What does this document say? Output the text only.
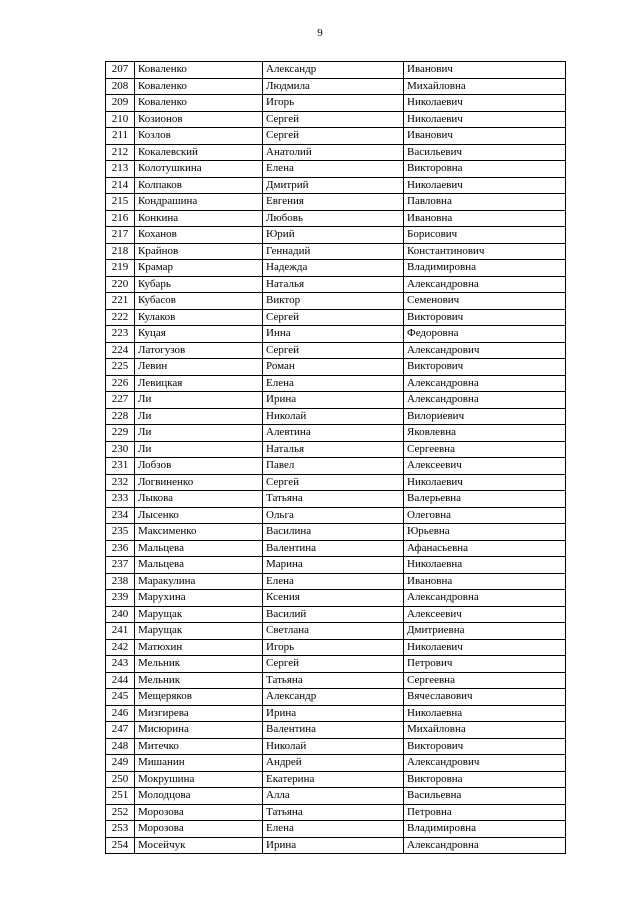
9
207	Коваленко	Александр	Иванович
208	Коваленко	Людмила	Михайловна
209	Коваленко	Игорь	Николаевич
210	Козионов	Сергей	Николаевич
211	Козлов	Сергей	Иванович
212	Кокалевский	Анатолий	Васильевич
213	Колотушкина	Елена	Викторовна
214	Колпаков	Дмитрий	Николаевич
215	Кондрашина	Евгения	Павловна
216	Конкина	Любовь	Ивановна
217	Коханов	Юрий	Борисович
218	Крайнов	Геннадий	Константинович
219	Крамар	Надежда	Владимировна
220	Кубарь	Наталья	Александровна
221	Кубасов	Виктор	Семенович
222	Кулаков	Сергей	Викторович
223	Куцая	Инна	Федоровна
224	Латогузов	Сергей	Александрович
225	Левин	Роман	Викторович
226	Левицкая	Елена	Александровна
227	Ли	Ирина	Александровна
228	Ли	Николай	Вилориевич
229	Ли	Алевтина	Яковлевна
230	Ли	Наталья	Сергеевна
231	Лобзов	Павел	Алексеевич
232	Логвиненко	Сергей	Николаевич
233	Лыкова	Татьяна	Валерьевна
234	Лысенко	Ольга	Олеговна
235	Максименко	Василина	Юрьевна
236	Мальцева	Валентина	Афанасьевна
237	Мальцева	Марина	Николаевна
238	Маракулина	Елена	Ивановна
239	Марухина	Ксения	Александровна
240	Марущак	Василий	Алексеевич
241	Марущак	Светлана	Дмитриевна
242	Матюхин	Игорь	Николаевич
243	Мельник	Сергей	Петрович
244	Мельник	Татьяна	Сергеевна
245	Мещеряков	Александр	Вячеславович
246	Мизгирева	Ирина	Николаевна
247	Мисюрина	Валентина	Михайловна
248	Митечко	Николай	Викторович
249	Мишанин	Андрей	Александрович
250	Мокрушина	Екатерина	Викторовна
251	Молодцова	Алла	Васильевна
252	Морозова	Татьяна	Петровна
253	Морозова	Елена	Владимировна
254	Мосейчук	Ирина	Александровна
